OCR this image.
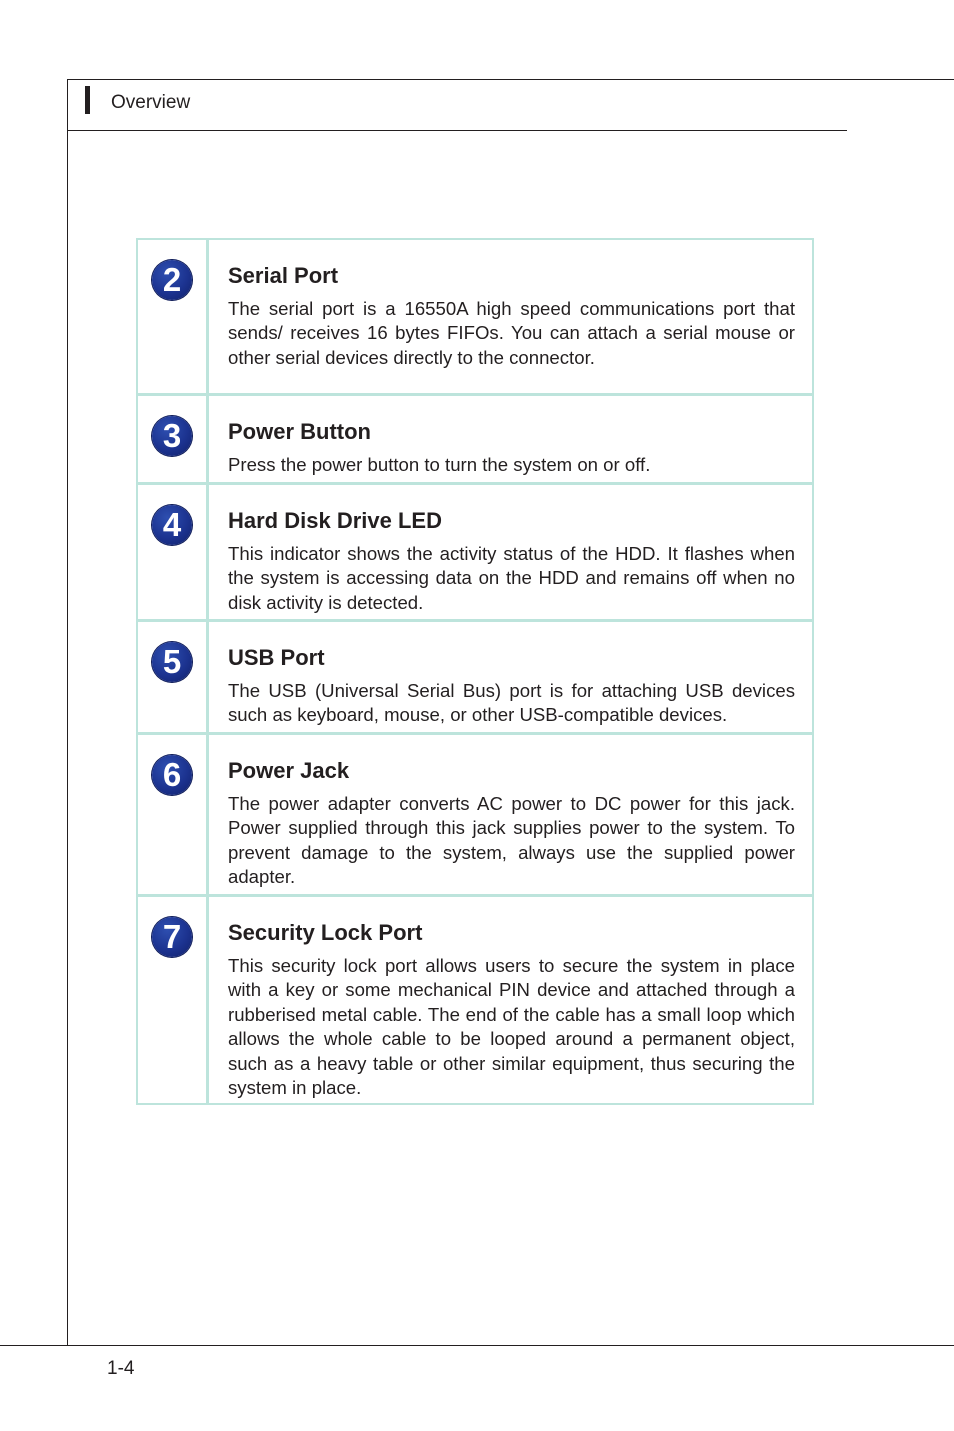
Overview
2	Serial Port

The serial port is a 16550A high speed communications port that sends/ receives 16 bytes FIFOs. You can attach a serial mouse or other serial devices directly to the connector.

3	Power Button

Press the power button to turn the system on or off.

4	Hard Disk Drive LED

This indicator shows the activity status of the HDD. It flashes when the system is accessing data on the HDD and remains off when no disk activity is detected.

5	USB Port

The USB (Universal Serial Bus) port is for attaching USB devices such as keyboard, mouse, or other USB-compatible devices.

6	Power Jack

The power adapter converts AC power to DC power for this jack. Power supplied through this jack supplies power to the system. To prevent damage to the system, always use the supplied power adapter.

7	Security Lock Port

This security lock port allows users to secure the system in place with a key or some mechanical PIN device and attached through a rubberised metal cable. The end of the cable has a small loop which allows the whole cable to be looped around a permanent object, such as a heavy table or other similar equipment, thus securing the system in place.

1-4
